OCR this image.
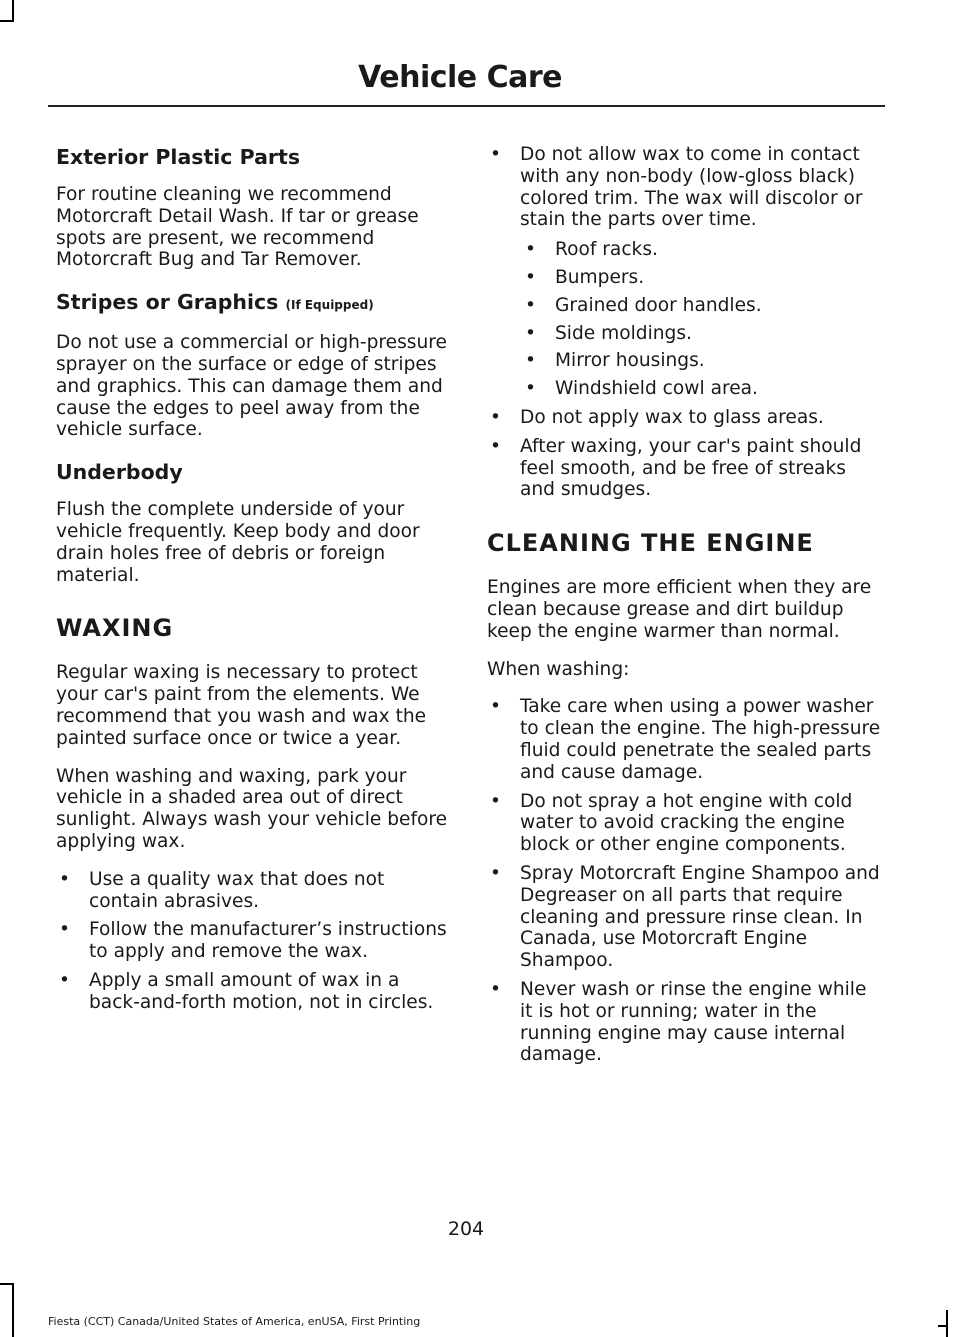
Vehicle Care
Exterior Plastic Parts

For routine cleaning we recommend Motorcraft Detail Wash. If tar or grease spots are present, we recommend Motorcraft Bug and Tar Remover.

Stripes or Graphics (If Equipped)

Do not use a commercial or high-pressure sprayer on the surface or edge of stripes and graphics. This can damage them and cause the edges to peel away from the vehicle surface.

Underbody

Flush the complete underside of your vehicle frequently. Keep body and door drain holes free of debris or foreign material.

WAXING

Regular waxing is necessary to protect your car's paint from the elements. We recommend that you wash and wax the painted surface once or twice a year.

When washing and waxing, park your vehicle in a shaded area out of direct sunlight. Always wash your vehicle before applying wax.

• Use a quality wax that does not contain abrasives.
• Follow the manufacturer’s instructions to apply and remove the wax.
• Apply a small amount of wax in a back-and-forth motion, not in circles.
• Do not allow wax to come in contact with any non-body (low-gloss black) colored trim. The wax will discolor or stain the parts over time.
• Roof racks.
• Bumpers.
• Grained door handles.
• Side moldings.
• Mirror housings.
• Windshield cowl area.
• Do not apply wax to glass areas.
• After waxing, your car's paint should feel smooth, and be free of streaks and smudges.
CLEANING THE ENGINE

Engines are more efficient when they are clean because grease and dirt buildup keep the engine warmer than normal.

When washing:

• Take care when using a power washer to clean the engine. The high-pressure fluid could penetrate the sealed parts and cause damage.
• Do not spray a hot engine with cold water to avoid cracking the engine block or other engine components.
• Spray Motorcraft Engine Shampoo and Degreaser on all parts that require cleaning and pressure rinse clean. In Canada, use Motorcraft Engine Shampoo.
• Never wash or rinse the engine while it is hot or running; water in the running engine may cause internal damage.
204
Fiesta (CCT) Canada/United States of America, enUSA, First Printing
